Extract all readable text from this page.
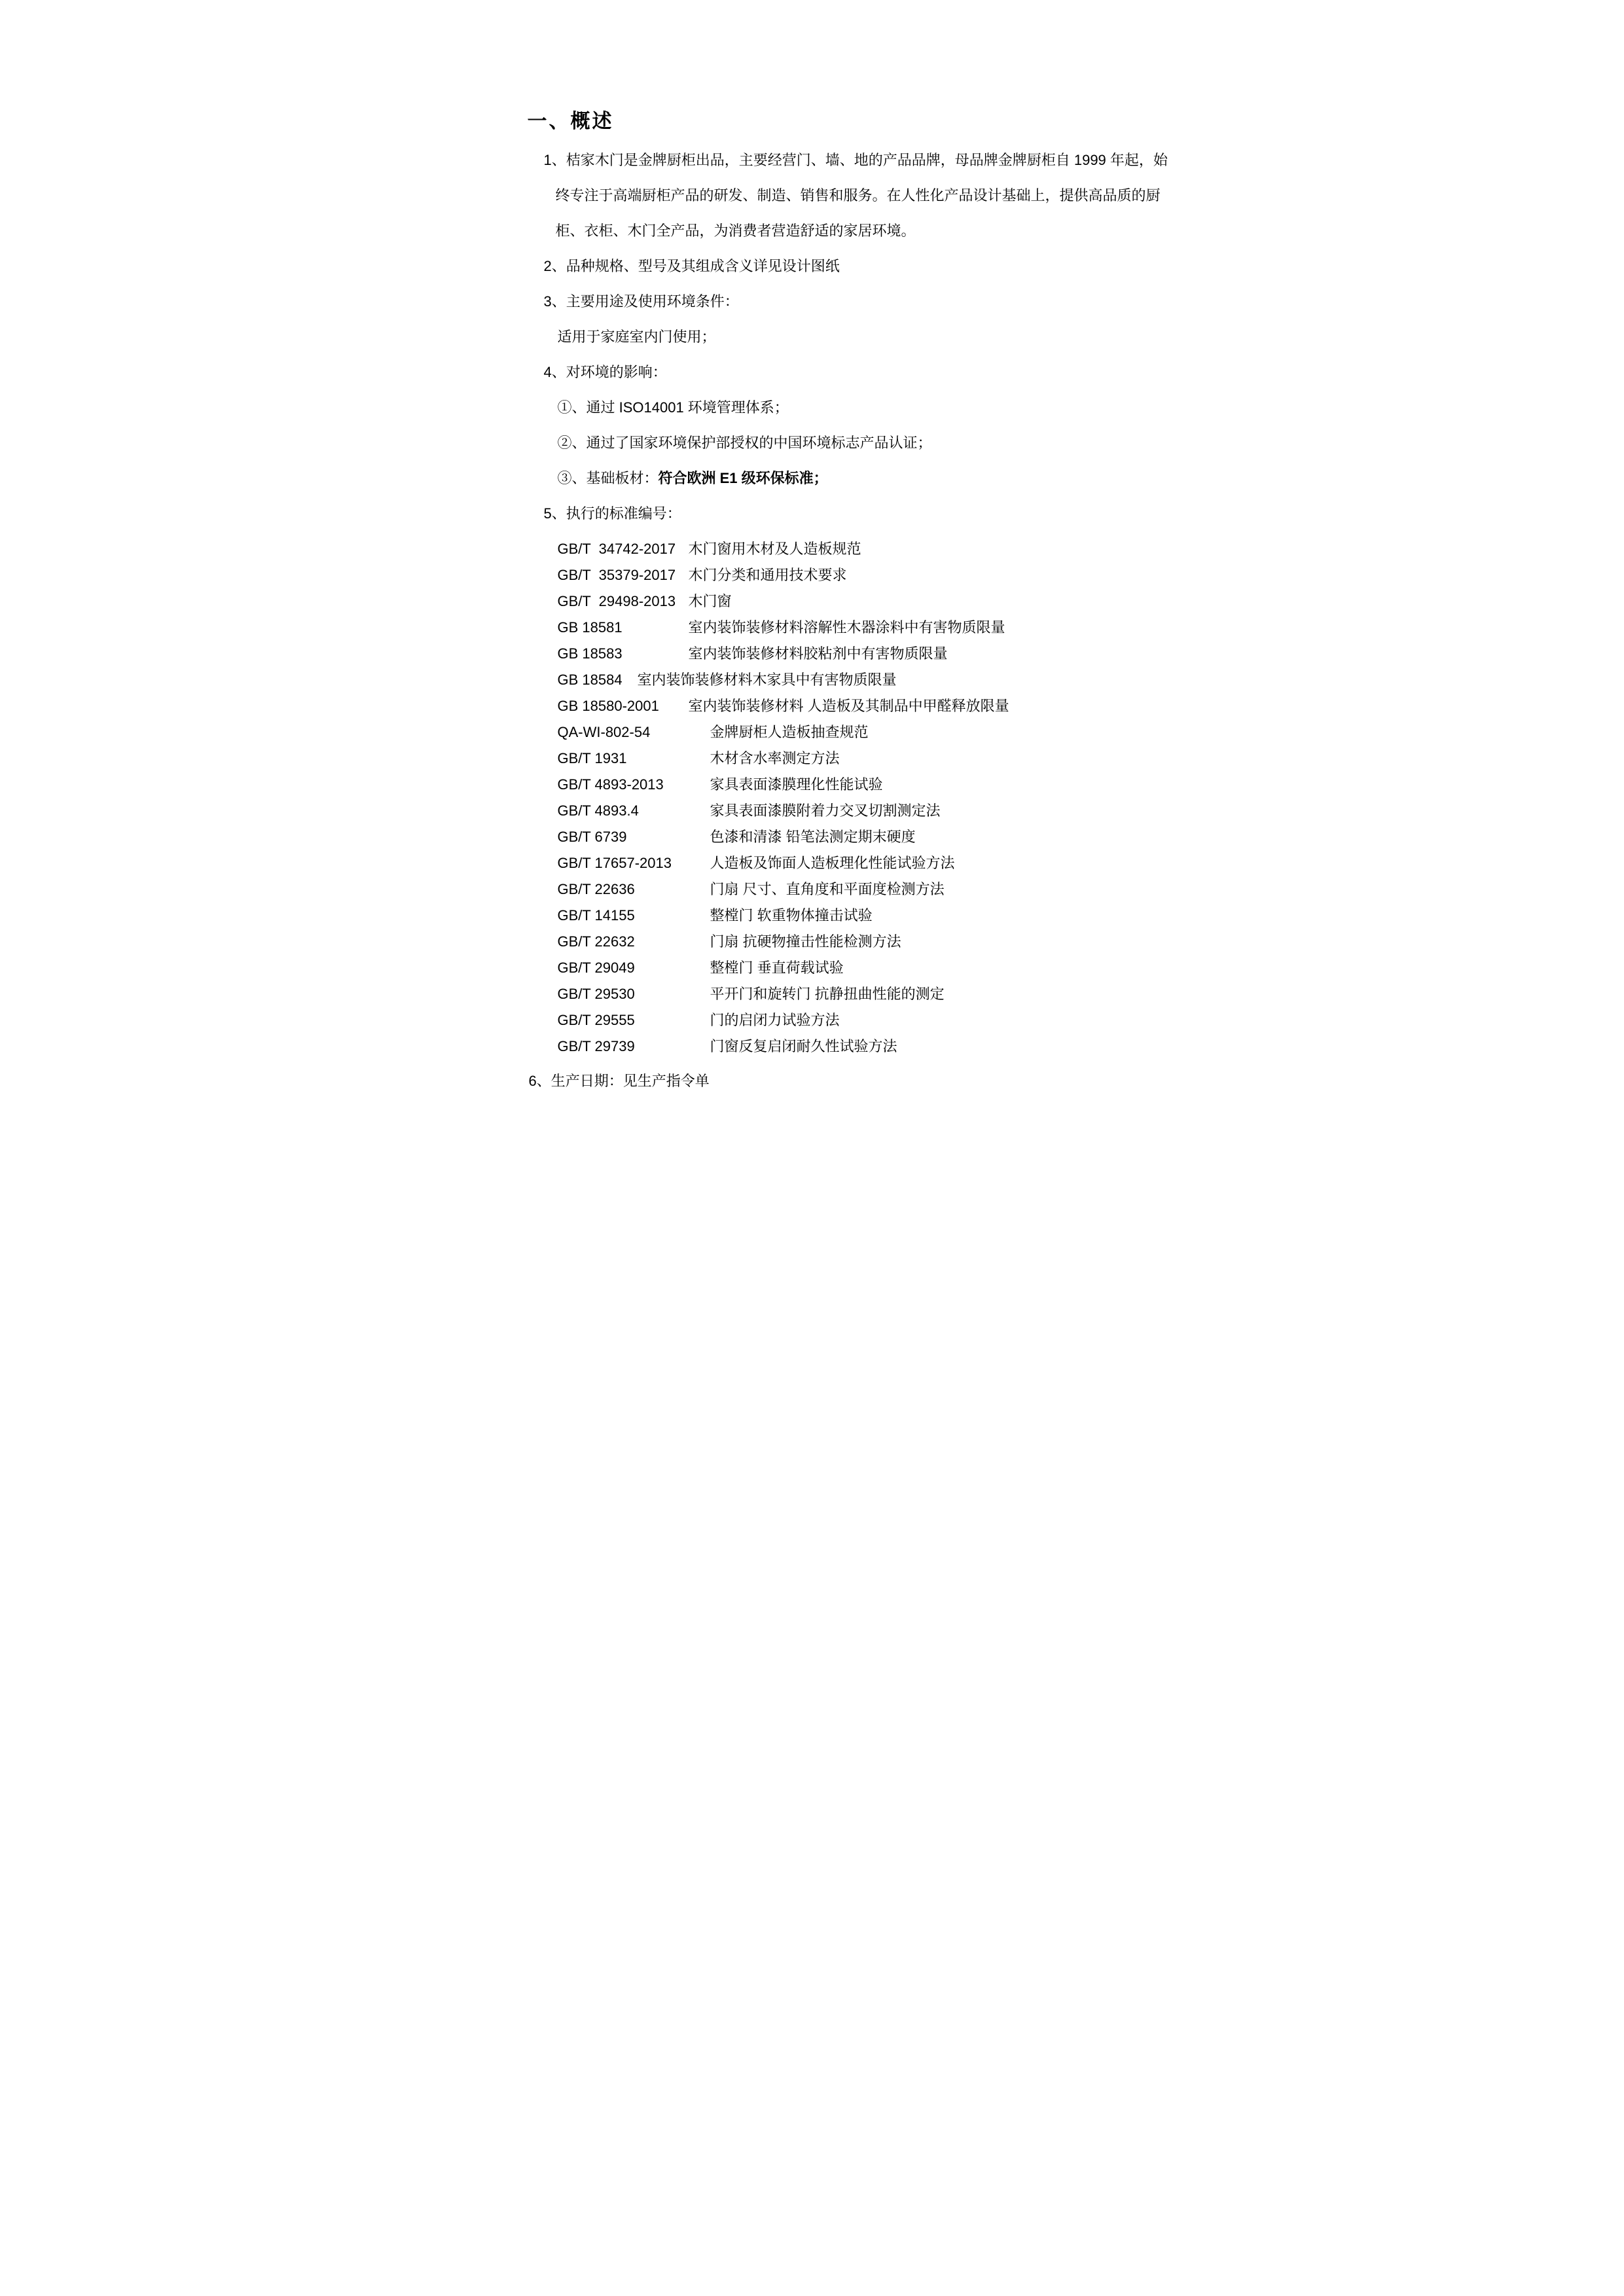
一、概述
1、桔家木门是金牌厨柜出品，主要经营门、墙、地的产品品牌，母品牌金牌厨柜自 1999 年起，始
终专注于高端厨柜产品的研发、制造、销售和服务。在人性化产品设计基础上，提供高品质的厨
柜、衣柜、木门全产品，为消费者营造舒适的家居环境。
2、品种规格、型号及其组成含义详见设计图纸
3、主要用途及使用环境条件：
适用于家庭室内门使用；
4、对环境的影响：
①、通过 ISO14001 环境管理体系；
②、通过了国家环境保护部授权的中国环境标志产品认证；
③、基础板材：符合欧洲 E1 级环保标准；
5、执行的标准编号：
GB/T  34742-2017 木门窗用木材及人造板规范
GB/T  35379-2017 木门分类和通用技术要求
GB/T  29498-2013 木门窗
GB 18581	室内装饰装修材料溶解性木器涂料中有害物质限量
GB 18583	室内装饰装修材料胶粘剂中有害物质限量
GB 18584 室内装饰装修材料木家具中有害物质限量
GB 18580-2001 室内装饰装修材料 人造板及其制品中甲醛释放限量
QA-WI-802-54	金牌厨柜人造板抽查规范
GB/T 1931	木材含水率测定方法
GB/T 4893-2013	家具表面漆膜理化性能试验
GB/T 4893.4	家具表面漆膜附着力交叉切割测定法
GB/T 6739	色漆和清漆 铅笔法测定期末硬度
GB/T 17657-2013	人造板及饰面人造板理化性能试验方法
GB/T 22636	门扇 尺寸、直角度和平面度检测方法
GB/T 14155	整樘门 软重物体撞击试验
GB/T 22632	门扇 抗硬物撞击性能检测方法
GB/T 29049	整樘门 垂直荷载试验
GB/T 29530	平开门和旋转门 抗静扭曲性能的测定
GB/T 29555	门的启闭力试验方法
GB/T 29739	门窗反复启闭耐久性试验方法
6、生产日期：见生产指令单
